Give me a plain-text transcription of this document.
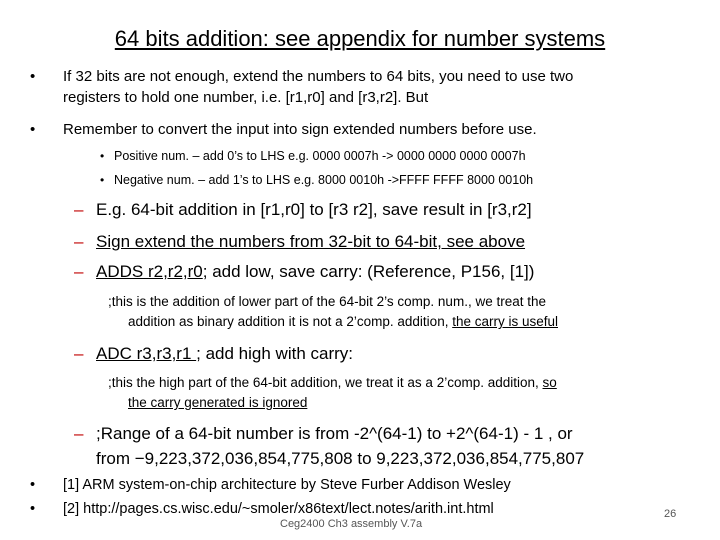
64 bits addition: see appendix for number systems
• If 32 bits are not enough, extend the numbers to 64 bits, you need to use two
registers to hold one number, i.e. [r1,r0] and [r3,r2]. But
• Remember to convert the input into sign extended numbers before use.
• Positive num. – add 0’s to LHS e.g. 0000 0007h -> 0000 0000 0000 0007h
• Negative num. – add 1’s to LHS e.g. 8000 0010h ->FFFF FFFF 8000 0010h
– E.g. 64-bit addition in [r1,r0] to [r3 r2], save result in [r3,r2]
– Sign extend the numbers from 32-bit to 64-bit, see above
– ADDS r2,r2,r0; add low, save carry: (Reference, P156, [1])
;this is the addition of lower part of the 64-bit 2’s comp. num., we treat the
addition as binary addition it is not a 2’comp. addition, the carry is useful
– ADC r3,r3,r1 ; add high with carry:
;this the high part of the 64-bit addition, we treat it as a 2’comp. addition, so
the carry generated is ignored
– ;Range of a 64-bit number is from -2^(64-1) to +2^(64-1) - 1 , or
from −9,223,372,036,854,775,808 to 9,223,372,036,854,775,807
• [1] ARM system-on-chip architecture by Steve Furber Addison Wesley
• [2] http://pages.cs.wisc.edu/~smoler/x86text/lect.notes/arith.int.html
Ceg2400 Ch3 assembly V.7a
26
